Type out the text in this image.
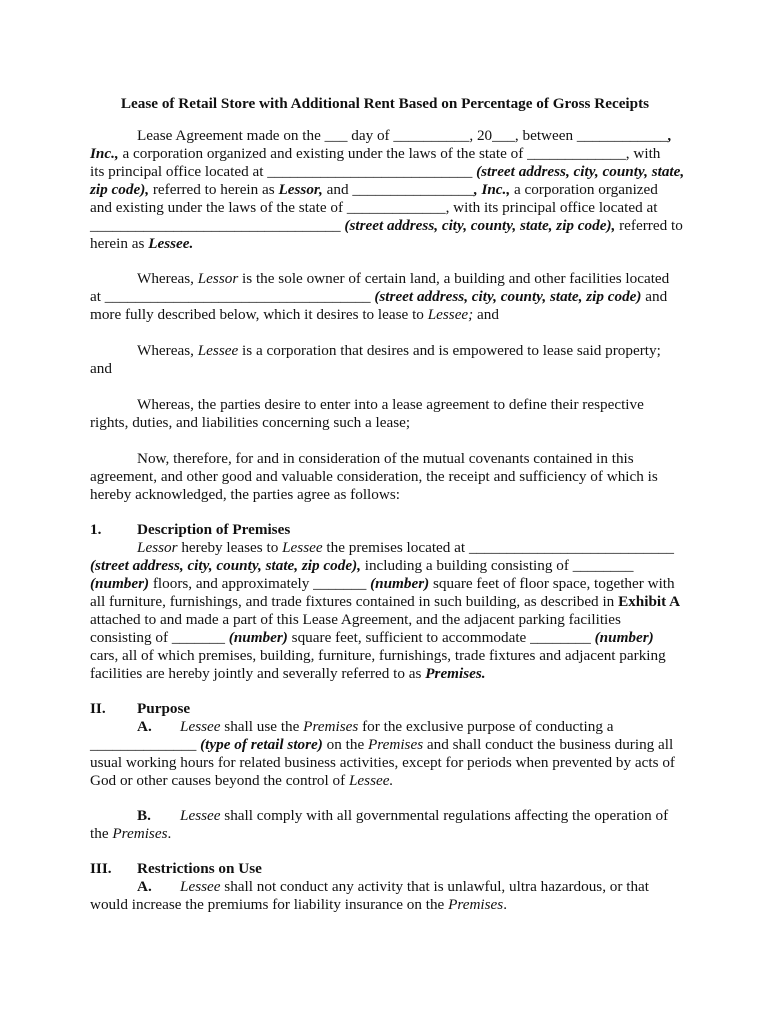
Lease of Retail Store with Additional Rent Based on Percentage of Gross Receipts
Lease Agreement made on the ___ day of __________, 20___, between ____________,
Inc., a corporation organized and existing under the laws of the state of _____________, with
its principal office located at ___________________________ (street address, city, county, state,
zip code), referred to herein as Lessor, and ________________, Inc., a corporation organized
and existing under the laws of the state of _____________, with its principal office located at
_________________________________ (street address, city, county, state, zip code), referred to
herein as Lessee.
Whereas, Lessor is the sole owner of certain land, a building and other facilities located
at ___________________________________ (street address, city, county, state, zip code) and
more fully described below, which it desires to lease to Lessee; and
Whereas, Lessee is a corporation that desires and is empowered to lease said property;
and
Whereas, the parties desire to enter into a lease agreement to define their respective
rights, duties, and liabilities concerning such a lease;
Now, therefore, for and in consideration of the mutual covenants contained in this
agreement, and other good and valuable consideration, the receipt and sufficiency of which is
hereby acknowledged, the parties agree as follows:
1. Description of Premises
Lessor hereby leases to Lessee the premises located at ___________________________
(street address, city, county, state, zip code), including a building consisting of ________
(number) floors, and approximately _______ (number) square feet of floor space, together with
all furniture, furnishings, and trade fixtures contained in such building, as described in Exhibit A
attached to and made a part of this Lease Agreement, and the adjacent parking facilities
consisting of _______ (number) square feet, sufficient to accommodate ________ (number)
cars, all of which premises, building, furniture, furnishings, trade fixtures and adjacent parking
facilities are hereby jointly and severally referred to as Premises.
II. Purpose
A. Lessee shall use the Premises for the exclusive purpose of conducting a
______________ (type of retail store) on the Premises and shall conduct the business during all
usual working hours for related business activities, except for periods when prevented by acts of
God or other causes beyond the control of Lessee.
B. Lessee shall comply with all governmental regulations affecting the operation of
the Premises.
III. Restrictions on Use
A. Lessee shall not conduct any activity that is unlawful, ultra hazardous, or that
would increase the premiums for liability insurance on the Premises.
